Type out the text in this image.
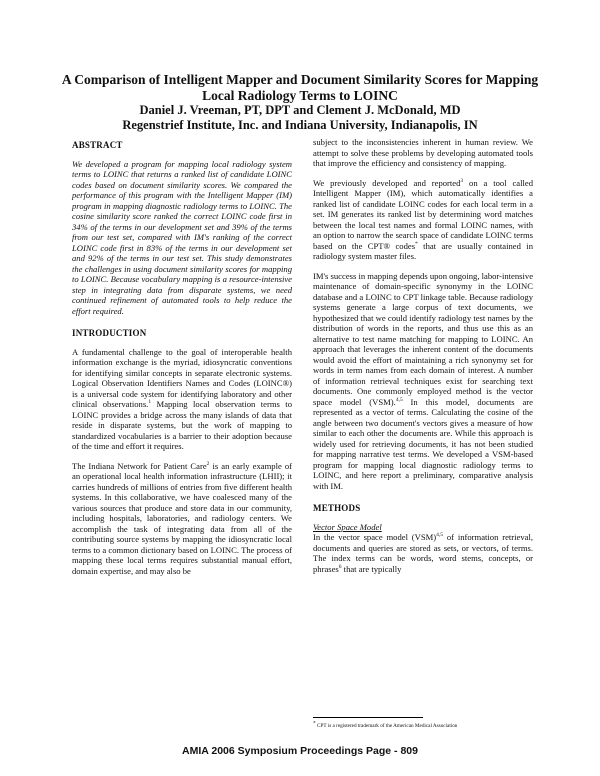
A Comparison of Intelligent Mapper and Document Similarity Scores for Mapping Local Radiology Terms to LOINC
Daniel J. Vreeman, PT, DPT and Clement J. McDonald, MD
Regenstrief Institute, Inc. and Indiana University, Indianapolis, IN
ABSTRACT

We developed a program for mapping local radiology system terms to LOINC that returns a ranked list of candidate LOINC codes based on document similarity scores. We compared the performance of this program with the Intelligent Mapper (IM) program in mapping diagnostic radiology terms to LOINC. The cosine similarity score ranked the correct LOINC code first in 34% of the terms in our development set and 39% of the terms from our test set, compared with IM's ranking of the correct LOINC code first in 83% of the terms in our development set and 92% of the terms in our test set. This study demonstrates the challenges in using document similarity scores for mapping to LOINC. Because vocabulary mapping is a resource-intensive step in integrating data from disparate systems, we need continued refinement of automated tools to help reduce the effort required.

INTRODUCTION

A fundamental challenge to the goal of interoperable health information exchange is the myriad, idiosyncratic conventions for identifying similar concepts in separate electronic systems. Logical Observation Identifiers Names and Codes (LOINC®) is a universal code system for identifying laboratory and other clinical observations.$^1$ Mapping local observation terms to LOINC provides a bridge across the many islands of data that reside in disparate systems, but the work of mapping to standardized vocabularies is a barrier to their adoption because of the time and effort it requires.

The Indiana Network for Patient Care$^2$ is an early example of an operational local health information infrastructure (LHII); it carries hundreds of millions of entries from five different health systems. In this collaborative, we have coalesced many of the various sources that produce and store data in our community, including hospitals, laboratories, and radiology centers. We accomplish the task of integrating data from all of the contributing source systems by mapping the idiosyncratic local terms to a common dictionary based on LOINC. The process of mapping these local terms requires substantial manual effort, domain expertise, and may also be

subject to the inconsistencies inherent in human review. We attempt to solve these problems by developing automated tools that improve the efficiency and consistency of mapping.

We previously developed and reported$^3$ on a tool called Intelligent Mapper (IM), which automatically identifies a ranked list of candidate LOINC codes for each local term in a set. IM generates its ranked list by determining word matches between the local test names and formal LOINC names, with an option to narrow the search space of candidate LOINC terms based on the CPT® codes* that are usually contained in radiology system master files.

IM's success in mapping depends upon ongoing, labor-intensive maintenance of domain-specific synonymy in the LOINC database and a LOINC to CPT linkage table. Because radiology systems generate a large corpus of text documents, we hypothesized that we could identify radiology test names by the distribution of words in the reports, and thus use this as an alternative to test name matching for mapping to LOINC. An approach that leverages the inherent content of the documents would avoid the effort of maintaining a rich synonymy set for words in term names from each domain of interest. A number of information retrieval techniques exist for searching text documents. One commonly employed method is the vector space model (VSM).$^{4,5}$ In this model, documents are represented as a vector of terms. Calculating the cosine of the angle between two document's vectors gives a measure of how similar to each other the documents are. While this approach is widely used for retrieving documents, it has not been studied for mapping narrative test terms. We developed a VSM-based program for mapping local diagnostic radiology terms to LOINC, and here report a preliminary, comparative analysis with IM.

METHODS

Vector Space Model

In the vector space model (VSM)$^{4,5}$ of information retrieval, documents and queries are stored as sets, or vectors, of terms. The index terms can be words, word stems, concepts, or phrases$^6$ that are typically

* CPT is a registered trademark of the American Medical Association
AMIA 2006 Symposium Proceedings Page - 809
